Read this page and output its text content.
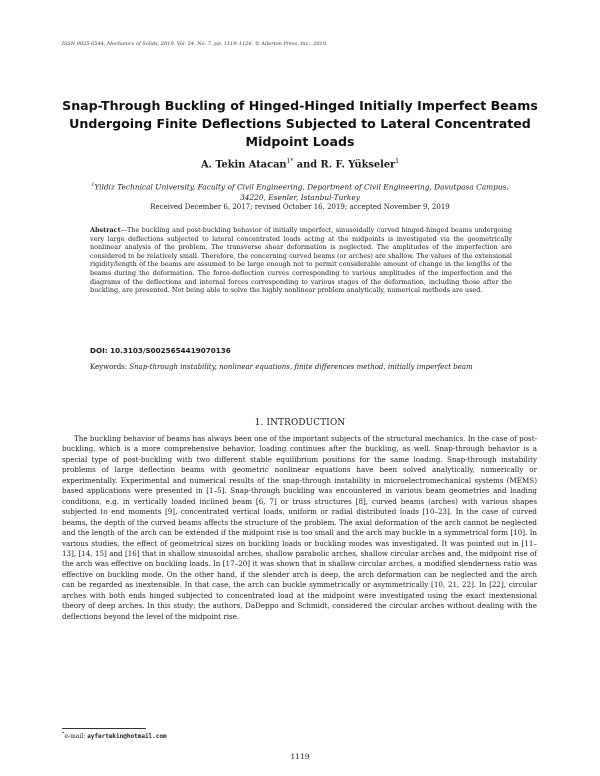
ISSN 0025-6544, Mechanics of Solids, 2019, Vol. 54, No. 7, pp. 1119–1126. © Allerton Press, Inc., 2019.
Snap-Through Buckling of Hinged-Hinged Initially Imperfect Beams Undergoing Finite Deflections Subjected to Lateral Concentrated Midpoint Loads
A. Tekin Atacan$^{1*}$ and R. F. Yükseler$^1$
$^1$Yildiz Technical University, Faculty of Civil Engineering, Department of Civil Engineering, Davutpasa Campus, 34220, Esenler, Istanbul-Turkey
Received December 6, 2017; revised October 16, 2019; accepted November 9, 2019
Abstract—The buckling and post-buckling behavior of initially imperfect, sinusoidally curved hinged-hinged beams undergoing very large deflections subjected to lateral concentrated loads acting at the midpoints is investigated via the geometrically nonlinear analysis of the problem. The transverse shear deformation is neglected. The amplitudes of the imperfection are considered to be relatively small. Therefore, the concerning curved beams (or arches) are shallow. The values of the extensional rigidity/length of the beams are assumed to be large enough not to permit considerable amount of change in the lengths of the beams during the deformation. The force-deflection curves corresponding to various amplitudes of the imperfection and the diagrams of the deflections and internal forces corresponding to various stages of the deformation, including those after the buckling, are presented. Not being able to solve the highly nonlinear problem analytically, numerical methods are used.
DOI: 10.3103/S0025654419070136
Keywords: Snap-through instability, nonlinear equations, finite differences method, initially imperfect beam
1. INTRODUCTION

The buckling behavior of beams has always been one of the important subjects of the structural mechanics. In the case of post-buckling, which is a more comprehensive behavior, loading continues after the buckling, as well. Snap-through behavior is a special type of post-buckling with two different stable equilibrium positions for the same loading. Snap-through instability problems of large deflection beams with geometric nonlinear equations have been solved analytically, numerically or experimentally. Experimental and numerical results of the snap-through instability in microelectromechanical systems (MEMS) based applications were presented in [1–5]. Snap-through buckling was encountered in various beam geometries and loading conditions, e.g. in vertically loaded inclined beam [6, 7] or truss structures [8], curved beams (arches) with various shapes subjected to end moments [9], concentrated vertical loads, uniform or radial distributed loads [10–23]. In the case of curved beams, the depth of the curved beams affects the structure of the problem. The axial deformation of the arch cannot be neglected and the length of the arch can be extended if the midpoint rise is too small and the arch may buckle in a symmetrical form [10]. In various studies, the effect of geometrical sizes on buckling loads or buckling modes was investigated. It was pointed out in [11–13], [14, 15] and [16] that in shallow sinusoidal arches, shallow parabolic arches, shallow circular arches and, the midpoint rise of the arch was effective on buckling loads. In [17–20] it was shown that in shallow circular arches, a modified slenderness ratio was effective on buckling mode. On the other hand, if the slender arch is deep, the arch deformation can be neglected and the arch can be regarded as inextensible. In that case, the arch can buckle symmetrically or asymmetrically [10, 21, 22]. In [22], circular arches with both ends hinged subjected to concentrated load at the midpoint were investigated using the exact inextensional theory of deep arches. In this study; the authors, DaDeppo and Schmidt, considered the circular arches without dealing with the deflections beyond the level of the midpoint rise.

*e-mail: ayfertekin@hotmail.com
1119
